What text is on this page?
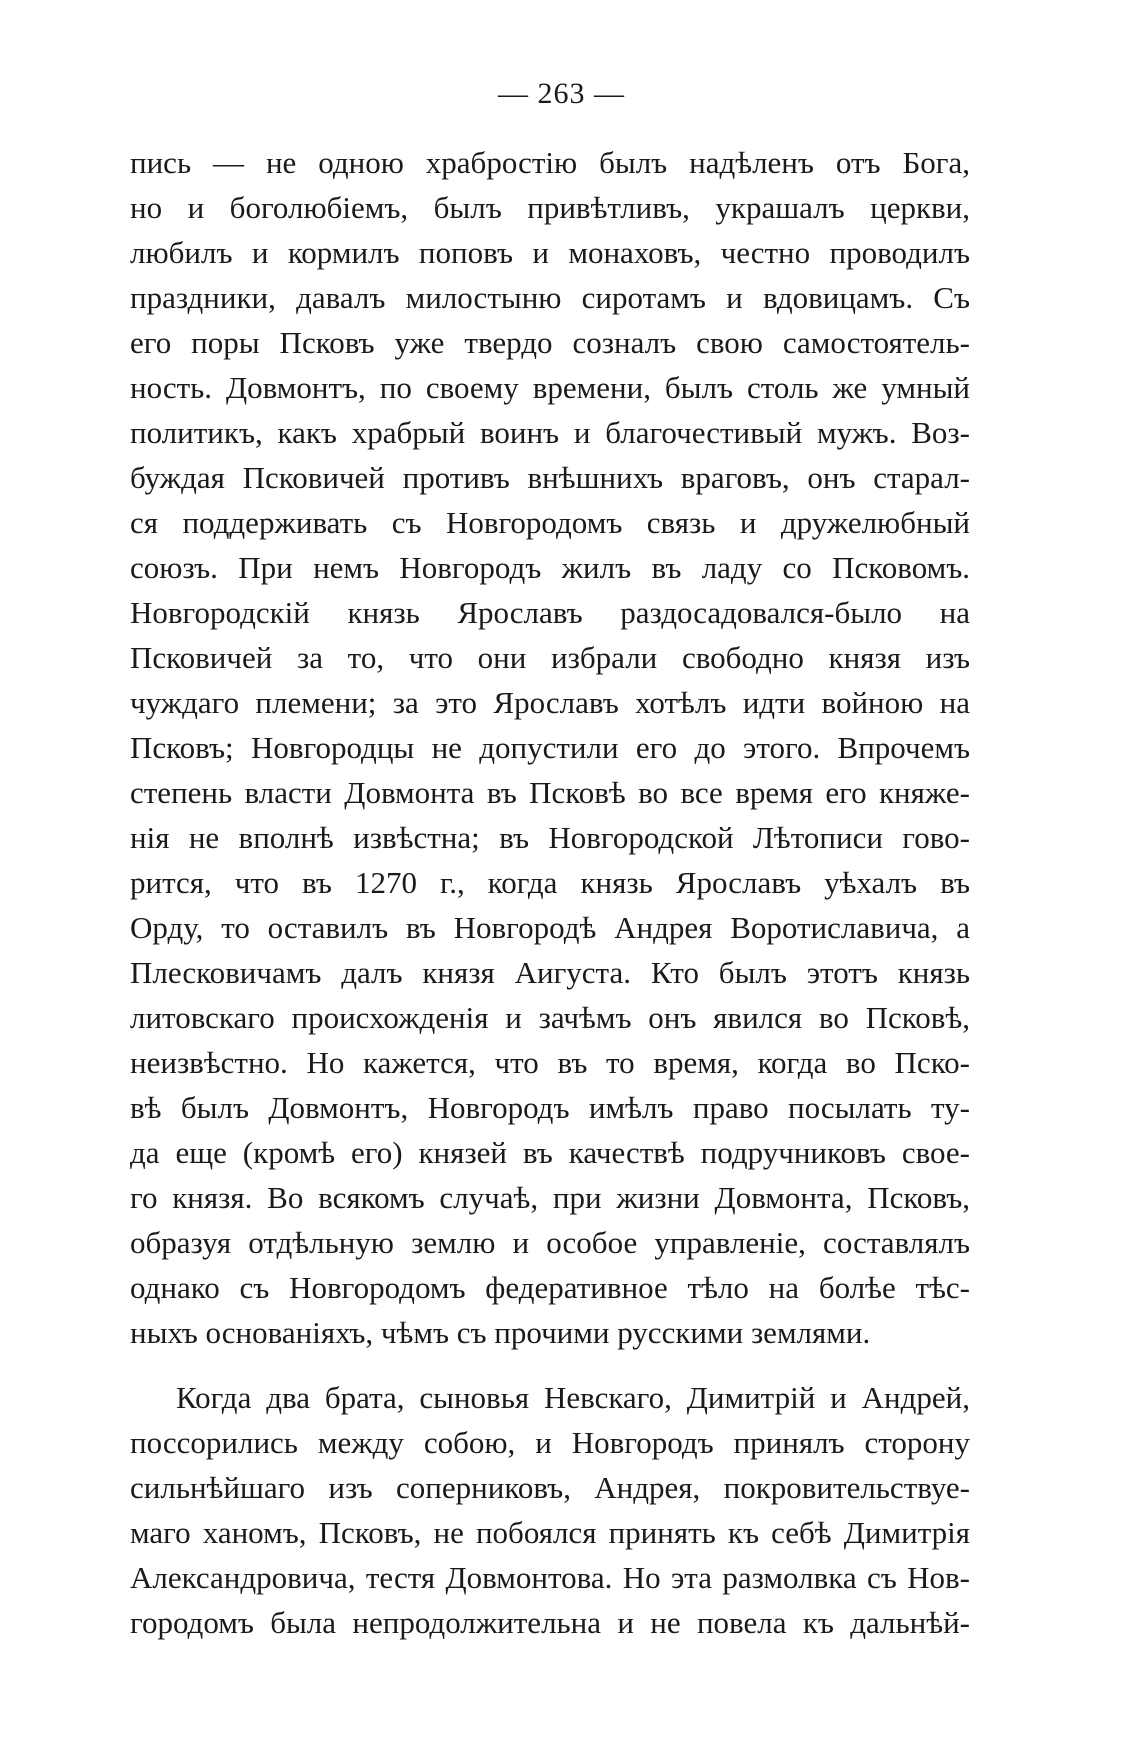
— 263 —
пись — не одною храбростію былъ надѣленъ отъ Бога,
но и боголюбіемъ, былъ привѣтливъ, украшалъ церкви,
любилъ и кормилъ поповъ и монаховъ, честно проводилъ
праздники, давалъ милостыню сиротамъ и вдовицамъ. Съ
его поры Псковъ уже твердо созналъ свою самостоятель-
ность. Довмонтъ, по своему времени, былъ столь же умный
политикъ, какъ храбрый воинъ и благочестивый мужъ. Воз-
буждая Псковичей противъ внѣшнихъ враговъ, онъ старал-
ся поддерживать съ Новгородомъ связь и дружелюбный
союзъ. При немъ Новгородъ жилъ въ ладу со Псковомъ.
Новгородскій князь Ярославъ раздосадовался-было на
Псковичей за то, что они избрали свободно князя изъ
чуждаго племени; за это Ярославъ хотѣлъ идти войною на
Псковъ; Новгородцы не допустили его до этого. Впрочемъ
степень власти Довмонта въ Псковѣ во все время его княже-
нія не вполнѣ извѣстна; въ Новгородской Лѣтописи гово-
рится, что въ 1270 г., когда князь Ярославъ уѣхалъ въ
Орду, то оставилъ въ Новгородѣ Андрея Воротиславича, а
Плесковичамъ далъ князя Аигуста. Кто былъ этотъ князь
литовскаго происхожденія и зачѣмъ онъ явился во Псковѣ,
неизвѣстно. Но кажется, что въ то время, когда во Пско-
вѣ былъ Довмонтъ, Новгородъ имѣлъ право посылать ту-
да еще (кромѣ его) князей въ качествѣ подручниковъ свое-
го князя. Во всякомъ случаѣ, при жизни Довмонта, Псковъ,
образуя отдѣльную землю и особое управленіе, составлялъ
однако съ Новгородомъ федеративное тѣло на болѣе тѣс-
ныхъ основаніяхъ, чѣмъ съ прочими русскими землями.
Когда два брата, сыновья Невскаго, Димитрій и Андрей,
поссорились между собою, и Новгородъ принялъ сторону
сильнѣйшаго изъ соперниковъ, Андрея, покровительствуе-
маго ханомъ, Псковъ, не побоялся принять къ себѣ Димитрія
Александровича, тестя Довмонтова. Но эта размолвка съ Нов-
городомъ была непродолжительна и не повела къ дальнѣй-
